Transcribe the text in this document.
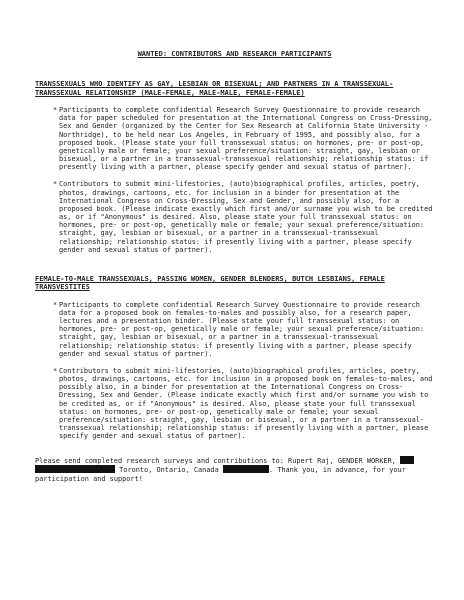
WANTED: CONTRIBUTORS AND RESEARCH PARTICIPANTS

TRANSSEXUALS WHO IDENTIFY AS GAY, LESBIAN OR BISEXUAL; AND PARTNERS IN A TRANSSEXUAL-TRANSSEXUAL RELATIONSHIP (MALE-FEMALE, MALE-MALE, FEMALE-FEMALE)

* Participants to complete confidential Research Survey Questionnaire to provide research data for paper scheduled for presentation at the International Congress on Cross-Dressing, Sex and Gender (organized by the Center for Sex Research at California State University - Northridge), to be held near Los Angeles, in February of 1995, and possibly also, for a proposed book. (Please state your full transsexual status: on hormones, pre- or post-op, genetically male or female; your sexual preference/situation: straight, gay, lesbian or bisexual, or a partner in a transsexual-transsexual relationship; relationship status: if presently living with a partner, please specify gender and sexual status of partner).
* Contributors to submit mini-lifestories, (auto)biographical profiles, articles, poetry, photos, drawings, cartoons, etc. for inclusion in a binder for presentation at the International Congress on Cross-Dressing, Sex and Gender, and possibly also, for a proposed book. (Please indicate exactly which first and/or surname you wish to be credited as, or if "Anonymous" is desired. Also, please state your full transsexual status: on hormones, pre- or post-op, genetically male or female; your sexual preference/situation: straight, gay, lesbian or bisexual, or a partner in a transsexual-transsexual relationship; relationship status: if presently living with a partner, please specify gender and sexual status of partner).

FEMALE-TO-MALE TRANSSEXUALS, PASSING WOMEN, GENDER BLENDERS, BUTCH LESBIANS, FEMALE TRANSVESTITES

* Participants to complete confidential Research Survey Questionnaire to provide research data for a proposed book on females-to-males and possibly also, for a research paper, lectures and a presentation binder. (Please state your full transsexual status: on hormones, pre- or post-op, genetically male or female; your sexual preference/situation: straight, gay, lesbian or bisexual, or a partner in a transsexual-transsexual relationship; relationship status: if presently living with a partner, please specify gender and sexual status of partner).
* Contributors to submit mini-lifestories, (auto)biographical profiles, articles, poetry, photos, drawings, cartoons, etc. for inclusion in a proposed book on females-to-males, and possibly also, in a binder for presentation at the International Congress on Cross-Dressing, Sex and Gender. (Please indicate exactly which first and/or surname you wish to be credited as, or if "Anonymous" is desired. Also, please state your full transsexual status: on hormones, pre- or post-op, genetically male or female; your sexual preference/situation: straight, gay, lesbian or bisexual, or a partner in a transsexual-transsexual relationship; relationship status: if presently living with a partner, please specify gender and sexual status of partner).

Please send completed research surveys and contributions to: Rupert Raj, GENDER WORKER,   Toronto, Ontario, Canada	. Thank you, in advance, for your participation and support!
